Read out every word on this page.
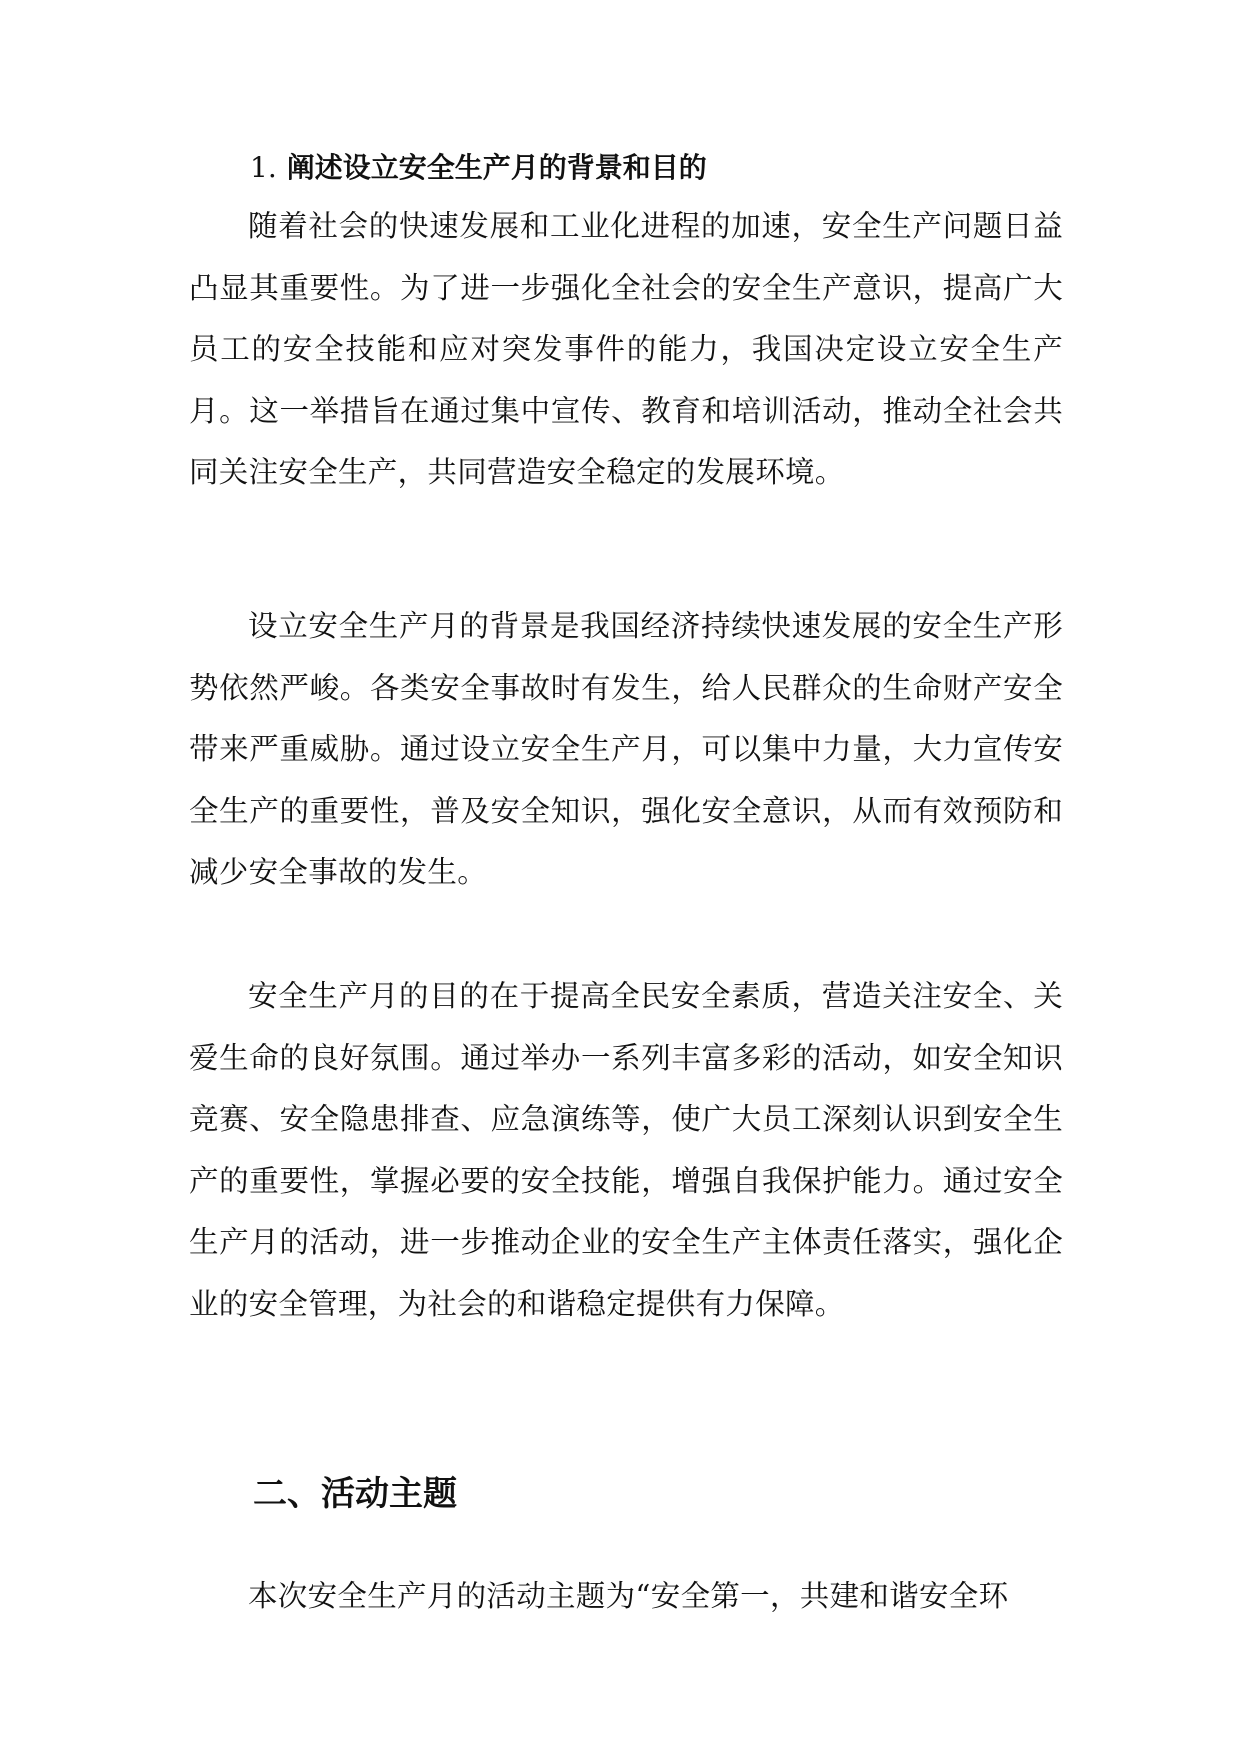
1. 阐述设立安全生产月的背景和目的

随着社会的快速发展和工业化进程的加速，安全生产问题日益凸显其重要性。为了进一步强化全社会的安全生产意识，提高广大员工的安全技能和应对突发事件的能力，我国决定设立安全生产月。这一举措旨在通过集中宣传、教育和培训活动，推动全社会共同关注安全生产，共同营造安全稳定的发展环境。

设立安全生产月的背景是我国经济持续快速发展的安全生产形势依然严峻。各类安全事故时有发生，给人民群众的生命财产安全带来严重威胁。通过设立安全生产月，可以集中力量，大力宣传安全生产的重要性，普及安全知识，强化安全意识，从而有效预防和减少安全事故的发生。

安全生产月的目的在于提高全民安全素质，营造关注安全、关爱生命的良好氛围。通过举办一系列丰富多彩的活动，如安全知识竞赛、安全隐患排查、应急演练等，使广大员工深刻认识到安全生产的重要性，掌握必要的安全技能，增强自我保护能力。通过安全生产月的活动，进一步推动企业的安全生产主体责任落实，强化企业的安全管理，为社会的和谐稳定提供有力保障。

二、活动主题

本次安全生产月的活动主题为“安全第一，共建和谐安全环
